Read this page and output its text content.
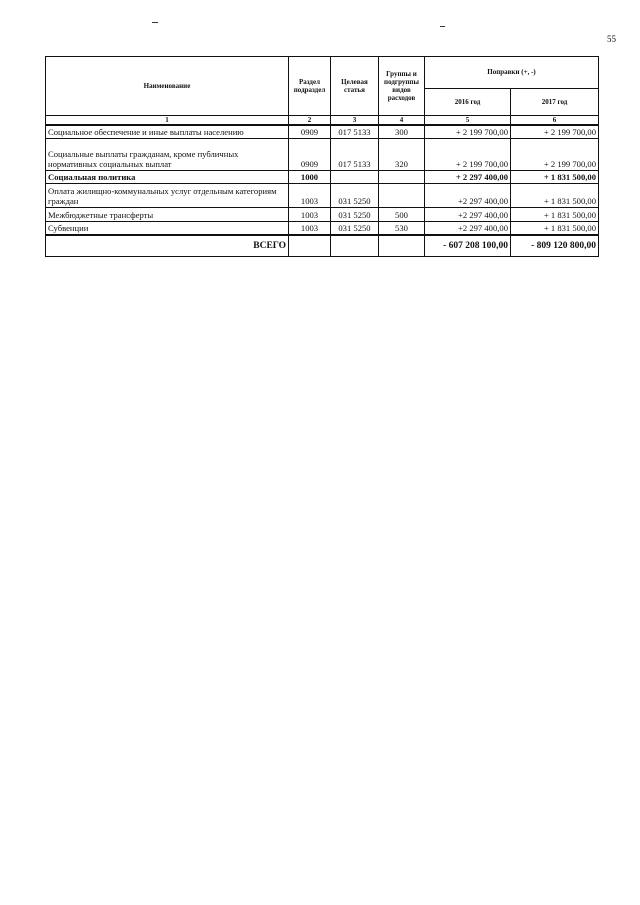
55
Наименование	Раздел подраздел	Целевая статья	Группы и подгруппы видов расходов	Поправки (+, -)	
				2016 год	2017 год
1	2	3	4	5	6
Социальное обеспечение и иные выплаты населению	0909	017 5133	300	+ 2 199 700,00	+ 2 199 700,00
Социальные выплаты гражданам, кроме публичных нормативных социальных выплат	0909	017 5133	320	+ 2 199 700,00	+ 2 199 700,00
Социальная политика	1000			+ 2 297 400,00	+ 1 831 500,00
Оплата жилищно-коммунальных услуг отдельным категориям граждан	1003	031 5250		+2 297 400,00	+ 1 831 500,00
Межбюджетные трансферты	1003	031 5250	500	+2 297 400,00	+ 1 831 500,00
Субвенции	1003	031 5250	530	+2 297 400,00	+ 1 831 500,00
ВСЕГО				- 607 208 100,00	- 809 120 800,00
